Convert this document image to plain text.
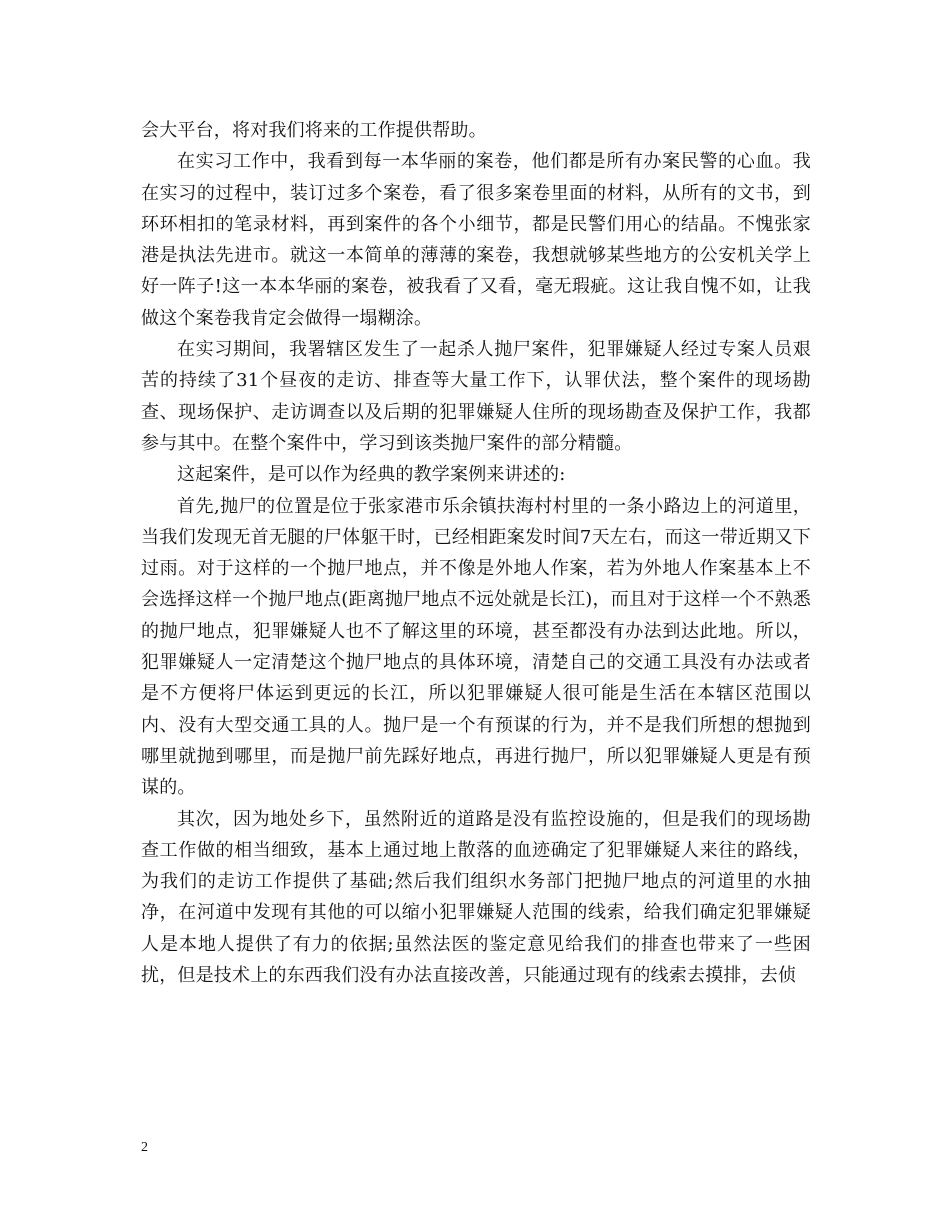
会大平台，将对我们将来的工作提供帮助。

在实习工作中，我看到每一本华丽的案卷，他们都是所有办案民警的心血。我在实习的过程中，装订过多个案卷，看了很多案卷里面的材料，从所有的文书，到环环相扣的笔录材料，再到案件的各个小细节，都是民警们用心的结晶。不愧张家港是执法先进市。就这一本简单的薄薄的案卷，我想就够某些地方的公安机关学上好一阵子!这一本本华丽的案卷，被我看了又看，毫无瑕疵。这让我自愧不如，让我做这个案卷我肯定会做得一塌糊涂。

在实习期间，我署辖区发生了一起杀人抛尸案件，犯罪嫌疑人经过专案人员艰苦的持续了31个昼夜的走访、排查等大量工作下，认罪伏法，整个案件的现场勘查、现场保护、走访调查以及后期的犯罪嫌疑人住所的现场勘查及保护工作，我都参与其中。在整个案件中，学习到该类抛尸案件的部分精髓。

这起案件，是可以作为经典的教学案例来讲述的:

首先,抛尸的位置是位于张家港市乐余镇扶海村村里的一条小路边上的河道里，当我们发现无首无腿的尸体躯干时，已经相距案发时间7天左右，而这一带近期又下过雨。对于这样的一个抛尸地点，并不像是外地人作案，若为外地人作案基本上不会选择这样一个抛尸地点(距离抛尸地点不远处就是长江)，而且对于这样一个不熟悉的抛尸地点，犯罪嫌疑人也不了解这里的环境，甚至都没有办法到达此地。所以，犯罪嫌疑人一定清楚这个抛尸地点的具体环境，清楚自己的交通工具没有办法或者是不方便将尸体运到更远的长江，所以犯罪嫌疑人很可能是生活在本辖区范围以内、没有大型交通工具的人。抛尸是一个有预谋的行为，并不是我们所想的想抛到哪里就抛到哪里，而是抛尸前先踩好地点，再进行抛尸，所以犯罪嫌疑人更是有预谋的。

其次，因为地处乡下，虽然附近的道路是没有监控设施的，但是我们的现场勘查工作做的相当细致，基本上通过地上散落的血迹确定了犯罪嫌疑人来往的路线，为我们的走访工作提供了基础;然后我们组织水务部门把抛尸地点的河道里的水抽净，在河道中发现有其他的可以缩小犯罪嫌疑人范围的线索，给我们确定犯罪嫌疑人是本地人提供了有力的依据;虽然法医的鉴定意见给我们的排查也带来了一些困扰，但是技术上的东西我们没有办法直接改善，只能通过现有的线索去摸排，去侦

2
